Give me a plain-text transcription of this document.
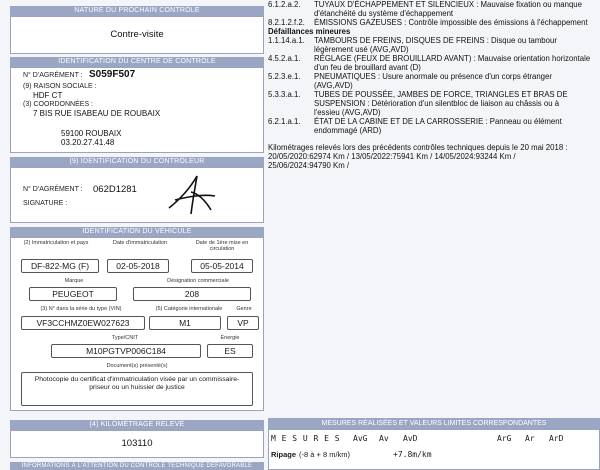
NATURE DU PROCHAIN CONTRÔLE
Contre-visite
IDENTIFICATION DU CENTRE DE CONTRÔLE
N° D'AGRÉMENT : S059F507
(9) RAISON SOCIALE :
HDF CT
(3) COORDONNÉES :
7 BIS RUE ISABEAU DE ROUBAIX
59100 ROUBAIX
03.20.27.41.48
(9) IDENTIFICATION DU CONTRÔLEUR
N° D'AGRÉMENT : 062D1281
SIGNATURE :
IDENTIFICATION DU VÉHICULE
(2) Immatriculation et pays	Date d'immatriculation	Date de 1ère mise en circulation
DF-822-MG (F)	02-05-2018	05-05-2014
Marque	Désignation commerciale
PEUGEOT	208
(3) N° dans la série du type (VIN)	(5) Catégorie internationale	Genre
VF3CCHMZ0EW027623	M1	VP
Type/CNIT	Énergie
M10PGTVP006C184	ES
Document(s) présenté(s)
Photocopie du certificat d'immatriculation visée par un commissaire-priseur ou un huissier de justice
(4) KILOMÉTRAGE RELEVÉ
103110
INFORMATIONS À L'ATTENTION DU CONTRÔLE TECHNIQUE DÉFAVORABLE
6.1.2.a.2. TUYAUX D'ÉCHAPPEMENT ET SILENCIEUX : Mauvaise fixation ou manque
d'étanchéité du système d'échappement
8.2.1.2.f.2. ÉMISSIONS GAZEUSES : Contrôle impossible des émissions à l'échappement
Défaillances mineures
1.1.14.a.1. TAMBOURS DE FREINS, DISQUES DE FREINS : Disque ou tambour
légèrement usé (AVG,AVD)
4.5.2.a.1. RÉGLAGE (FEUX DE BROUILLARD AVANT) : Mauvaise orientation horizontale
d'un feu de brouillard avant (D)
5.2.3.e.1. PNEUMATIQUES : Usure anormale ou présence d'un corps étranger
(AVG,AVD)
5.3.3.a.1. TUBES DE POUSSÉE, JAMBES DE FORCE, TRIANGLES ET BRAS DE
SUSPENSION : Détérioration d'un silentbloc de liaison au châssis ou à
l'essieu (AVG,AVD)
6.2.1.a.1. ÉTAT DE LA CABINE ET DE LA CARROSSERIE : Panneau ou élément
endommagé (ARD)
Kilométrages relevés lors des précédents contrôles techniques depuis le 20 mai 2018 :
20/05/2020:62974 Km / 13/05/2022:75941 Km / 14/05/2024:93244 Km /
25/06/2024:94790 Km /
MESURES RÉALISÉES ET VALEURS LIMITES CORRESPONDANTES
M E S U R E S AvG Av AvD	ArG Ar ArD
Ripage (-8 à + 8 m/km)	+7.8m/km
